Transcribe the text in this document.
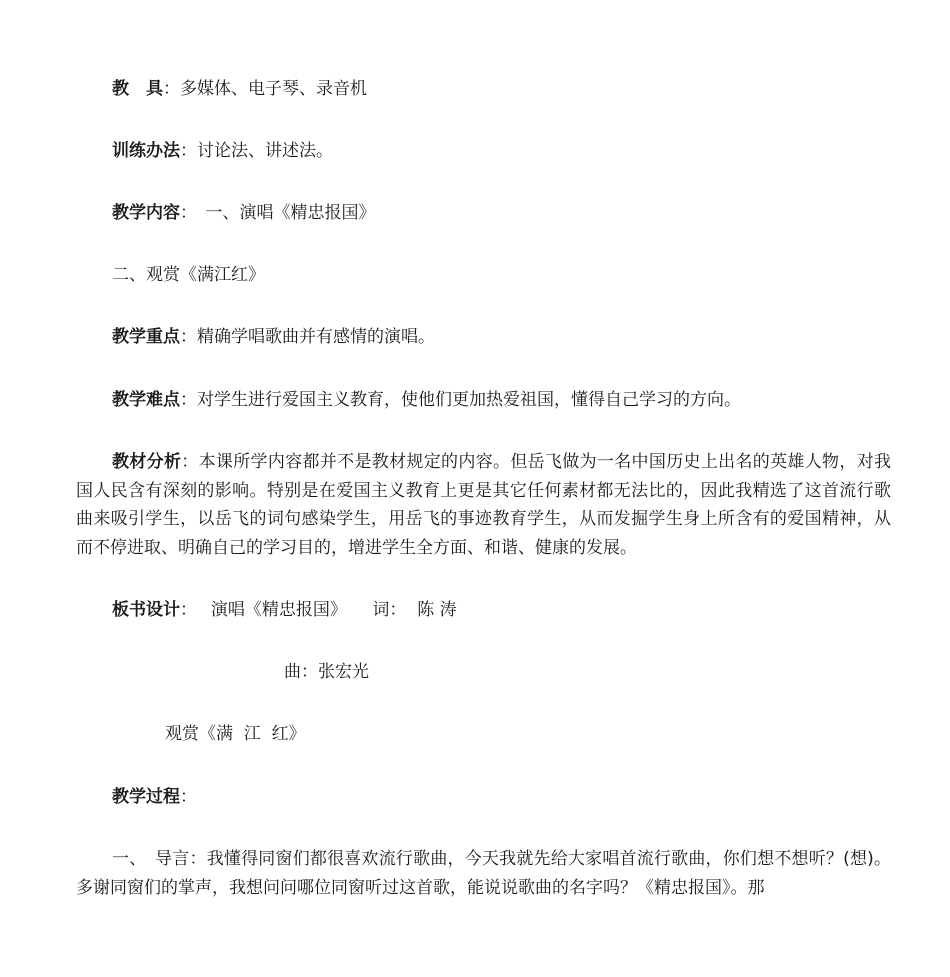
教　具：多媒体、电子琴、录音机
训练办法：讨论法、讲述法。
教学内容：　一、演唱《精忠报国》
二、观赏《满江红》
教学重点：精确学唱歌曲并有感情的演唱。
教学难点：对学生进行爱国主义教育，使他们更加热爱祖国，懂得自己学习的方向。
教材分析：本课所学内容都并不是教材规定的内容。但岳飞做为一名中国历史上出名的英雄人物，对我国人民含有深刻的影响。特别是在爱国主义教育上更是其它任何素材都无法比的，因此我精选了这首流行歌曲来吸引学生，以岳飞的词句感染学生，用岳飞的事迹教育学生，从而发掘学生身上所含有的爱国精神，从而不停进取、明确自己的学习目的，增进学生全方面、和谐、健康的发展。
板书设计：　 演唱《精忠报国》　　词：  陈 涛
曲：张宏光
观赏《满  江  红》
教学过程：
一、　导言：我懂得同窗们都很喜欢流行歌曲，今天我就先给大家唱首流行歌曲，你们想不想听？(想)。多谢同窗们的掌声，我想问问哪位同窗听过这首歌，能说说歌曲的名字吗？《精忠报国》。那
